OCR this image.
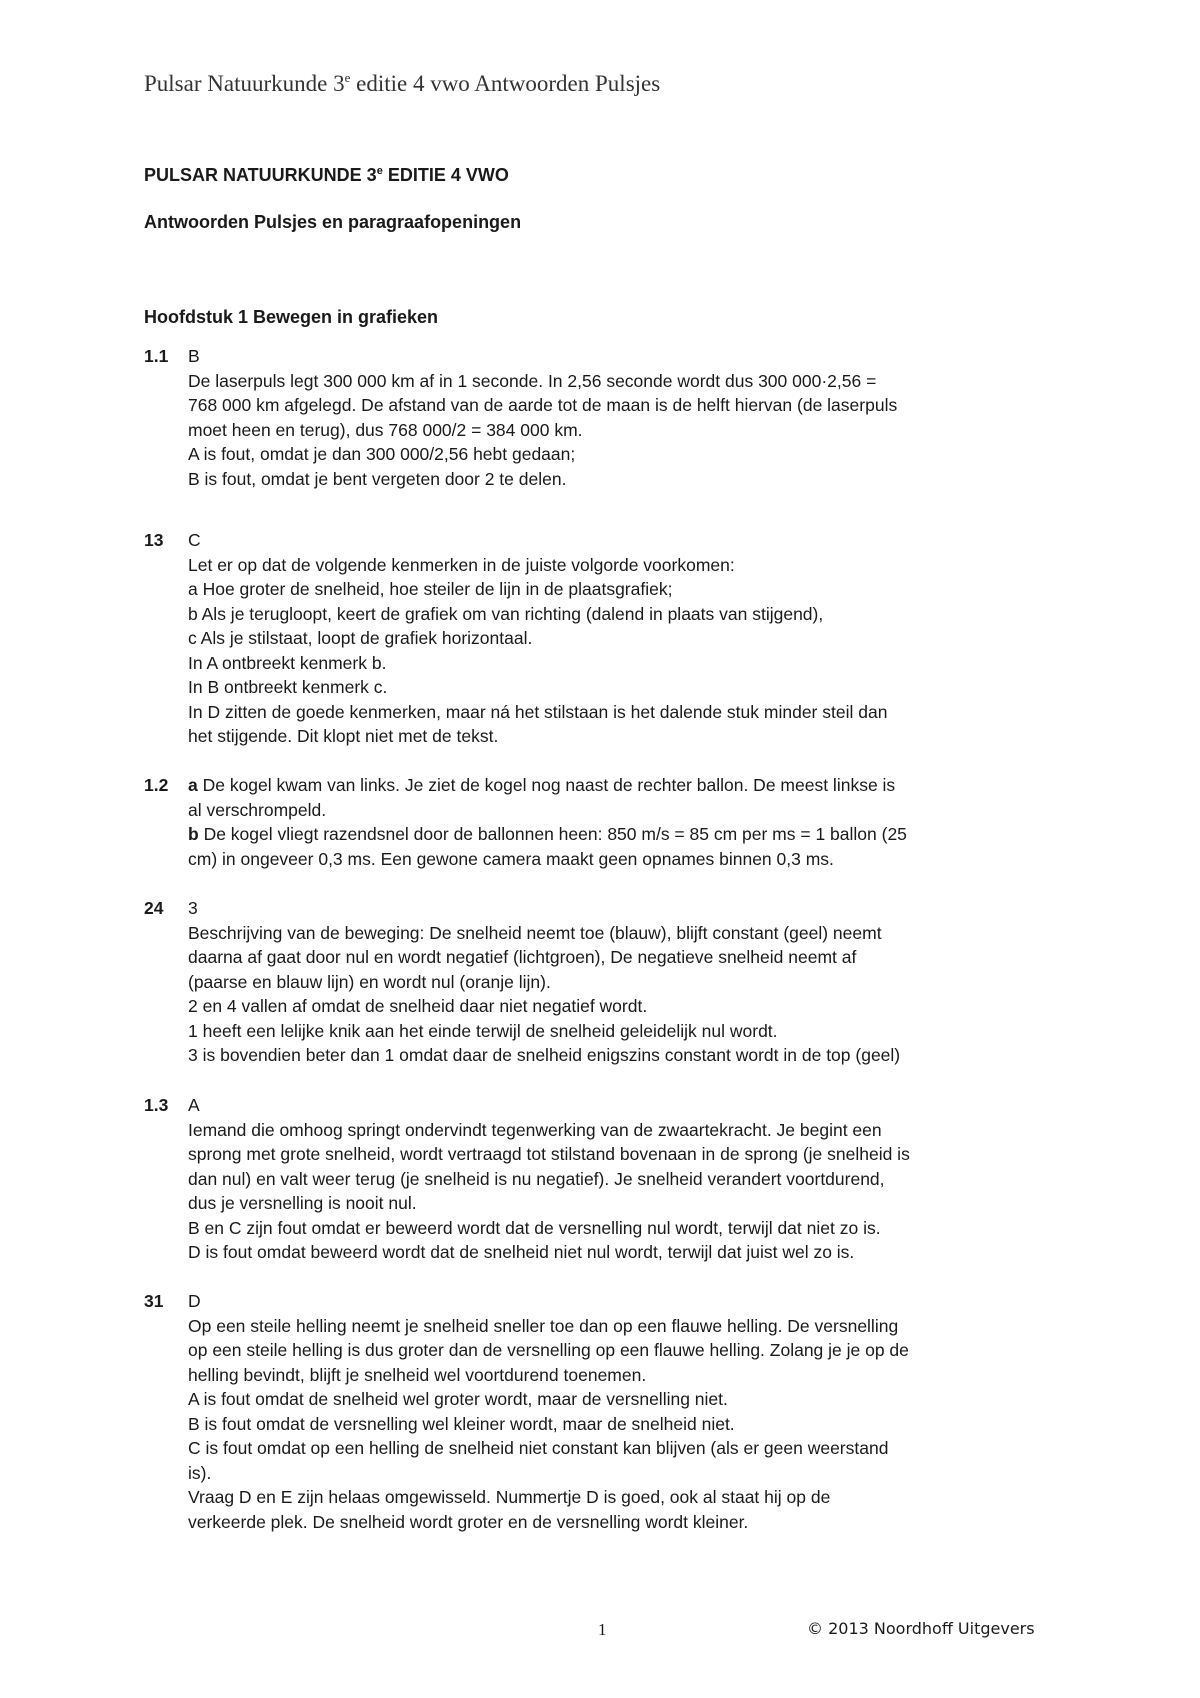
Pulsar Natuurkunde 3e editie 4 vwo Antwoorden Pulsjes
PULSAR NATUURKUNDE 3e EDITIE 4 VWO
Antwoorden Pulsjes en paragraafopeningen
Hoofdstuk 1 Bewegen in grafieken
1.1	B
De laserpuls legt 300 000 km af in 1 seconde. In 2,56 seconde wordt dus 300 000·2,56 =
768 000 km afgelegd. De afstand van de aarde tot de maan is de helft hiervan (de laserpuls
moet heen en terug), dus 768 000/2 = 384 000 km.
A is fout, omdat je dan 300 000/2,56 hebt gedaan;
B is fout, omdat je bent vergeten door 2 te delen.
13	C
Let er op dat de volgende kenmerken in de juiste volgorde voorkomen:
a Hoe groter de snelheid, hoe steiler de lijn in de plaatsgrafiek;
b Als je terugloopt, keert de grafiek om van richting (dalend in plaats van stijgend),
c Als je stilstaat, loopt de grafiek horizontaal.
In A ontbreekt kenmerk b.
In B ontbreekt kenmerk c.
In D zitten de goede kenmerken, maar ná het stilstaan is het dalende stuk minder steil dan
het stijgende. Dit klopt niet met de tekst.
1.2	a De kogel kwam van links. Je ziet de kogel nog naast de rechter ballon. De meest linkse is
al verschrompeld.
b De kogel vliegt razendsnel door de ballonnen heen: 850 m/s = 85 cm per ms = 1 ballon (25
cm) in ongeveer 0,3 ms. Een gewone camera maakt geen opnames binnen 0,3 ms.
24	3
Beschrijving van de beweging: De snelheid neemt toe (blauw), blijft constant (geel) neemt
daarna af gaat door nul en wordt negatief (lichtgroen), De negatieve snelheid neemt af
(paarse en blauw lijn) en wordt nul (oranje lijn).
2 en 4 vallen af omdat de snelheid daar niet negatief wordt.
1 heeft een lelijke knik aan het einde terwijl de snelheid geleidelijk nul wordt.
3 is bovendien beter dan 1 omdat daar de snelheid enigszins constant wordt in de top (geel)
1.3	A
Iemand die omhoog springt ondervindt tegenwerking van de zwaartekracht. Je begint een
sprong met grote snelheid, wordt vertraagd tot stilstand bovenaan in de sprong (je snelheid is
dan nul) en valt weer terug (je snelheid is nu negatief). Je snelheid verandert voortdurend,
dus je versnelling is nooit nul.
B en C zijn fout omdat er beweerd wordt dat de versnelling nul wordt, terwijl dat niet zo is.
D is fout omdat beweerd wordt dat de snelheid niet nul wordt, terwijl dat juist wel zo is.
31	D
Op een steile helling neemt je snelheid sneller toe dan op een flauwe helling. De versnelling
op een steile helling is dus groter dan de versnelling op een flauwe helling. Zolang je je op de
helling bevindt, blijft je snelheid wel voortdurend toenemen.
A is fout omdat de snelheid wel groter wordt, maar de versnelling niet.
B is fout omdat de versnelling wel kleiner wordt, maar de snelheid niet.
C is fout omdat op een helling de snelheid niet constant kan blijven (als er geen weerstand
is).
Vraag D en E zijn helaas omgewisseld. Nummertje D is goed, ook al staat hij op de
verkeerde plek. De snelheid wordt groter en de versnelling wordt kleiner.
1	© 2013 Noordhoff Uitgevers
